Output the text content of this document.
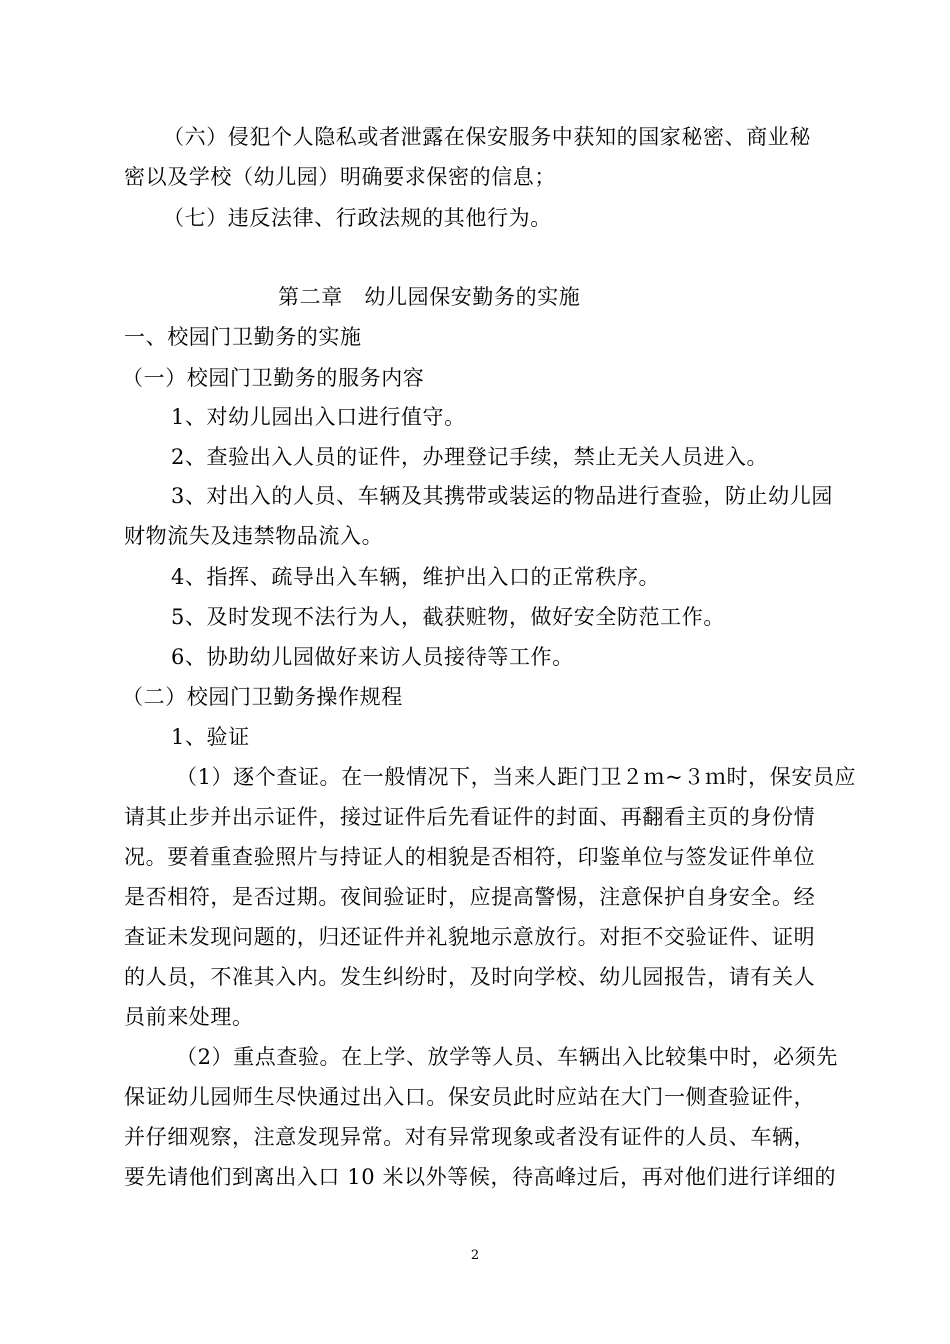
（六）侵犯个人隐私或者泄露在保安服务中获知的国家秘密、商业秘
密以及学校（幼儿园）明确要求保密的信息；
（七）违反法律、行政法规的其他行为。
第二章　幼儿园保安勤务的实施
一、校园门卫勤务的实施
（一）校园门卫勤务的服务内容
1、对幼儿园出入口进行值守。
2、查验出入人员的证件，办理登记手续，禁止无关人员进入。
3、对出入的人员、车辆及其携带或装运的物品进行查验，防止幼儿园
财物流失及违禁物品流入。
4、指挥、疏导出入车辆，维护出入口的正常秩序。
5、及时发现不法行为人，截获赃物，做好安全防范工作。
6、协助幼儿园做好来访人员接待等工作。
（二）校园门卫勤务操作规程
1、验证
（1）逐个查证。在一般情况下，当来人距门卫２ｍ~３ｍ时，保安员应
请其止步并出示证件，接过证件后先看证件的封面、再翻看主页的身份情
况。要着重查验照片与持证人的相貌是否相符，印鉴单位与签发证件单位
是否相符，是否过期。夜间验证时，应提高警惕，注意保护自身安全。经
查证未发现问题的，归还证件并礼貌地示意放行。对拒不交验证件、证明
的人员，不准其入内。发生纠纷时，及时向学校、幼儿园报告，请有关人
员前来处理。
（2）重点查验。在上学、放学等人员、车辆出入比较集中时，必须先
保证幼儿园师生尽快通过出入口。保安员此时应站在大门一侧查验证件，
并仔细观察，注意发现异常。对有异常现象或者没有证件的人员、车辆，
要先请他们到离出入口 10 米以外等候，待高峰过后，再对他们进行详细的
2
